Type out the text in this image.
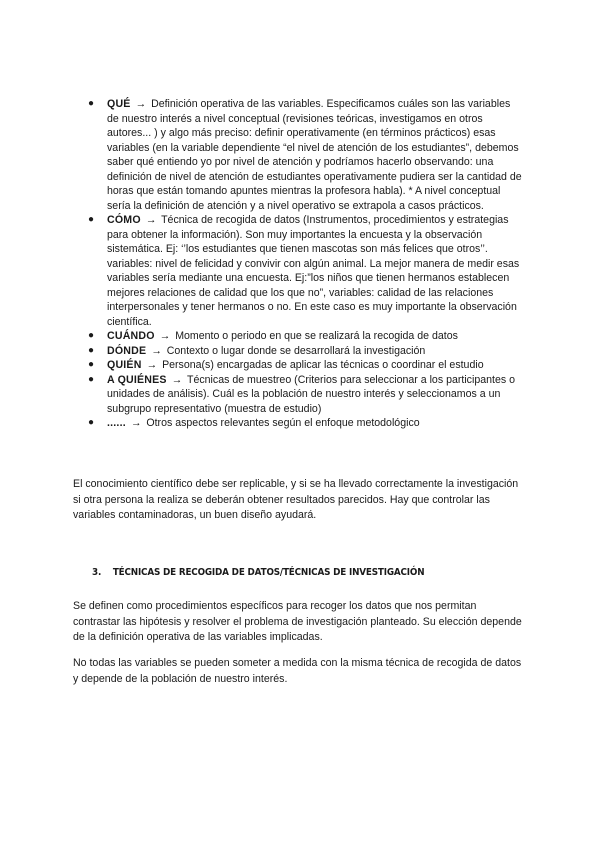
● QUÉ → Definición operativa de las variables. Especificamos cuáles son las variables de nuestro interés a nivel conceptual (revisiones teóricas, investigamos en otros autores... ) y algo más preciso: definir operativamente (en términos prácticos) esas variables (en la variable dependiente “el nivel de atención de los estudiantes”, debemos saber qué entiendo yo por nivel de atención y podríamos hacerlo observando: una definición de nivel de atención de estudiantes operativamente pudiera ser la cantidad de horas que están tomando apuntes mientras la profesora habla). * A nivel conceptual sería la definición de atención y a nivel operativo se extrapola a casos prácticos.
● CÓMO → Técnica de recogida de datos (Instrumentos, procedimientos y estrategias para obtener la información). Son muy importantes la encuesta y la observación sistemática. Ej: ‘’los estudiantes que tienen mascotas son más felices que otros’’. variables: nivel de felicidad y convivir con algún animal. La mejor manera de medir esas variables sería mediante una encuesta. Ej:”los niños que tienen hermanos establecen mejores relaciones de calidad que los que no”, variables: calidad de las relaciones interpersonales y tener hermanos o no. En este caso es muy importante la observación científica.
● CUÁNDO → Momento o periodo en que se realizará la recogida de datos
● DÓNDE → Contexto o lugar donde se desarrollará la investigación
● QUIÉN → Persona(s) encargadas de aplicar las técnicas o coordinar el estudio
● A QUIÉNES → Técnicas de muestreo (Criterios para seleccionar a los participantes o unidades de análisis). Cuál es la población de nuestro interés y seleccionamos a un subgrupo representativo (muestra de estudio)
● ...... → Otros aspectos relevantes según el enfoque metodológico

El conocimiento científico debe ser replicable, y si se ha llevado correctamente la investigación si otra persona la realiza se deberán obtener resultados parecidos. Hay que controlar las variables contaminadoras, un buen diseño ayudará.

3. TÉCNICAS DE RECOGIDA DE DATOS/TÉCNICAS DE INVESTIGACIÓN

Se definen como procedimientos específicos para recoger los datos que nos permitan contrastar las hipótesis y resolver el problema de investigación planteado. Su elección depende de la definición operativa de las variables implicadas.

No todas las variables se pueden someter a medida con la misma técnica de recogida de datos y depende de la población de nuestro interés.
